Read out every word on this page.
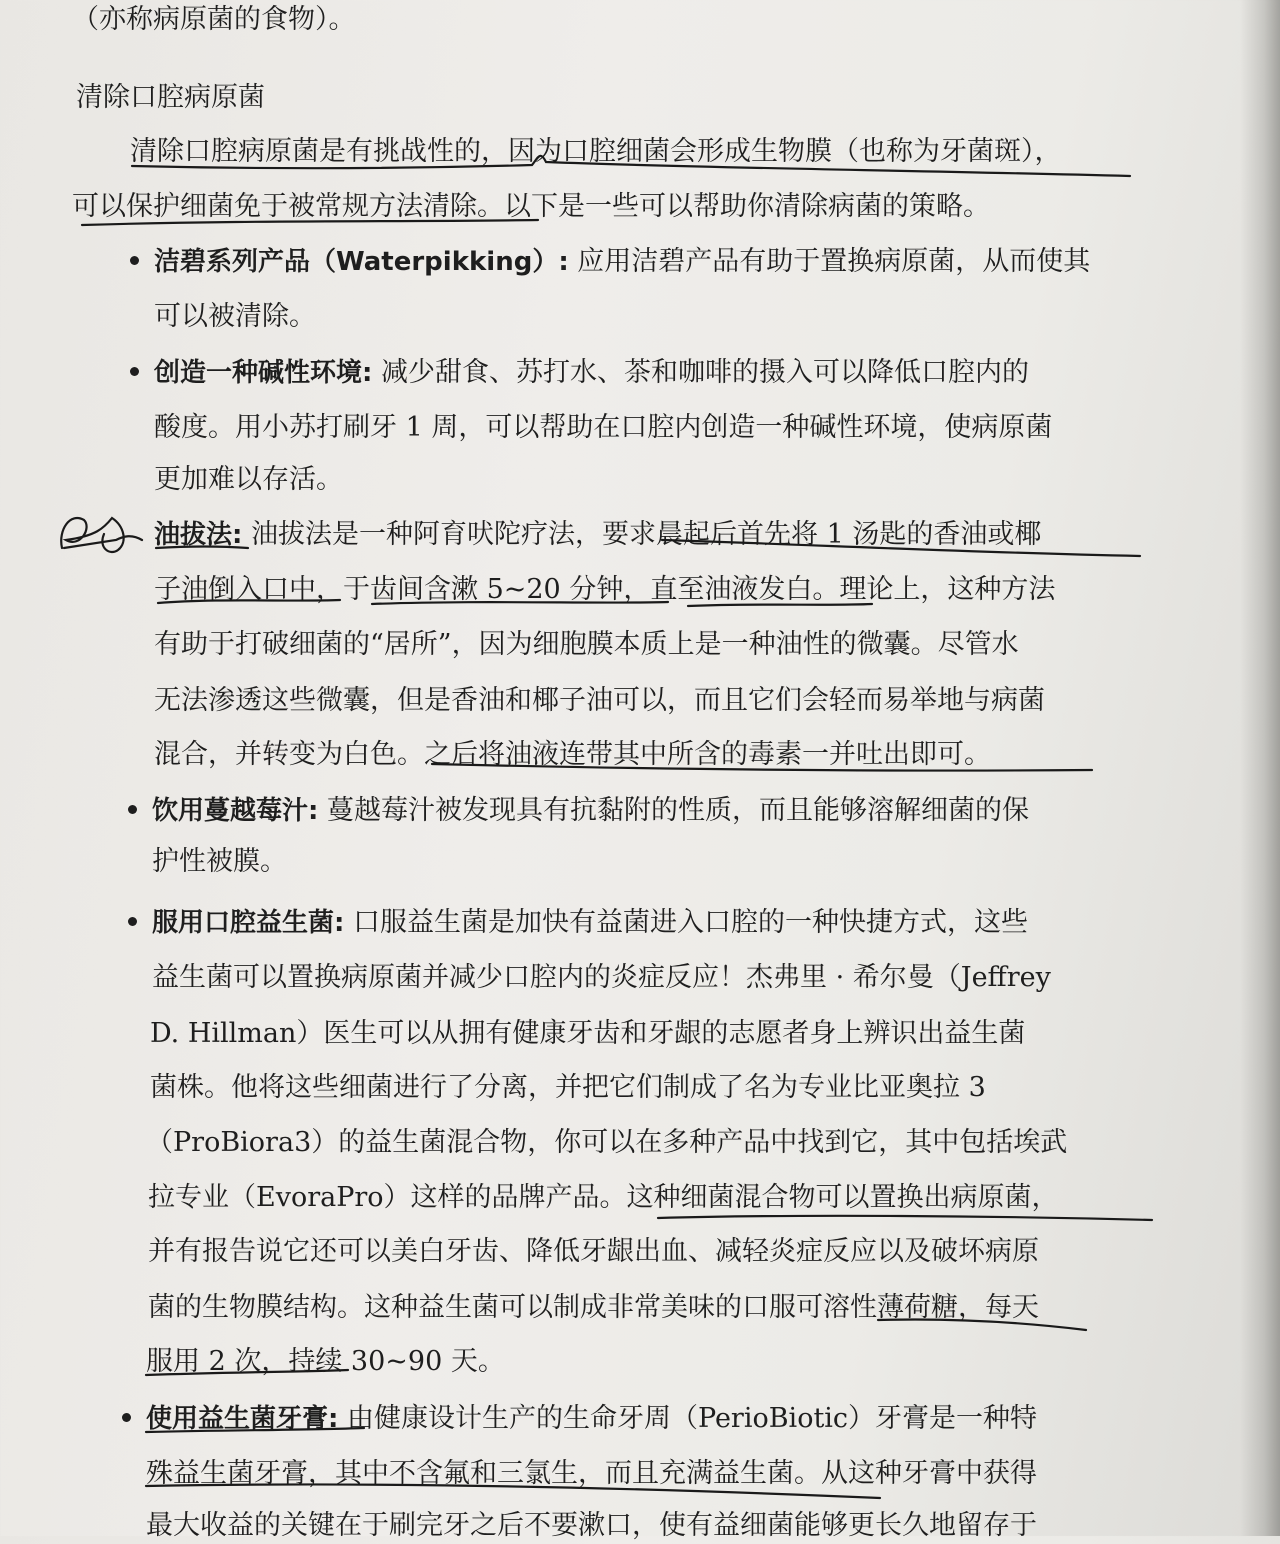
（亦称病原菌的食物）。
清除口腔病原菌
清除口腔病原菌是有挑战性的，因为口腔细菌会形成生物膜（也称为牙菌斑），
可以保护细菌免于被常规方法清除。以下是一些可以帮助你清除病菌的策略。
洁碧系列产品（Waterpikking）: 应用洁碧产品有助于置换病原菌，从而使其
可以被清除。
创造一种碱性环境: 减少甜食、苏打水、茶和咖啡的摄入可以降低口腔内的
酸度。用小苏打刷牙 1 周，可以帮助在口腔内创造一种碱性环境，使病原菌
更加难以存活。
油拔法: 油拔法是一种阿育吠陀疗法，要求晨起后首先将 1 汤匙的香油或椰
子油倒入口中，于齿间含漱 5~20 分钟，直至油液发白。理论上，这种方法
有助于打破细菌的“居所”，因为细胞膜本质上是一种油性的微囊。尽管水
无法渗透这些微囊，但是香油和椰子油可以，而且它们会轻而易举地与病菌
混合，并转变为白色。之后将油液连带其中所含的毒素一并吐出即可。
饮用蔓越莓汁: 蔓越莓汁被发现具有抗黏附的性质，而且能够溶解细菌的保
护性被膜。
服用口腔益生菌: 口服益生菌是加快有益菌进入口腔的一种快捷方式，这些
益生菌可以置换病原菌并减少口腔内的炎症反应！杰弗里 · 希尔曼（Jeffrey
D. Hillman）医生可以从拥有健康牙齿和牙龈的志愿者身上辨识出益生菌
菌株。他将这些细菌进行了分离，并把它们制成了名为专业比亚奥拉 3
（ProBiora3）的益生菌混合物，你可以在多种产品中找到它，其中包括埃武
拉专业（EvoraPro）这样的品牌产品。这种细菌混合物可以置换出病原菌，
并有报告说它还可以美白牙齿、降低牙龈出血、减轻炎症反应以及破坏病原
菌的生物膜结构。这种益生菌可以制成非常美味的口服可溶性薄荷糖，每天
服用 2 次，持续 30~90 天。
使用益生菌牙膏: 由健康设计生产的生命牙周（PerioBiotic）牙膏是一种特
殊益生菌牙膏，其中不含氟和三氯生，而且充满益生菌。从这种牙膏中获得
最大收益的关键在于刷完牙之后不要漱口，使有益细菌能够更长久地留存于
